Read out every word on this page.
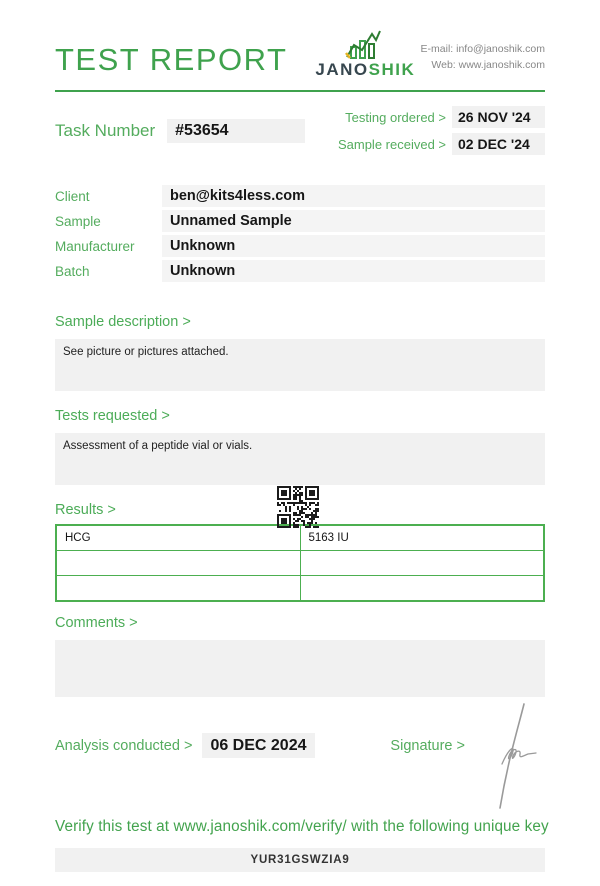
TEST REPORT JANOSHIK
E-mail: info@janoshik.com
Web: www.janoshik.com
Task Number	#53654
Testing ordered > 26 NOV '24
Sample received > 02 DEC '24
Client	ben@kits4less.com
Sample	Unnamed Sample
Manufacturer	Unknown
Batch	Unknown
Sample description >
See picture or pictures attached.
Tests requested >
Assessment of a peptide vial or vials.
Results >
HCG	5163 IU

Comments >
Analysis conducted >	06 DEC 2024	Signature >
Verify this test at www.janoshik.com/verify/ with the following unique key
YUR31GSWZIA9
